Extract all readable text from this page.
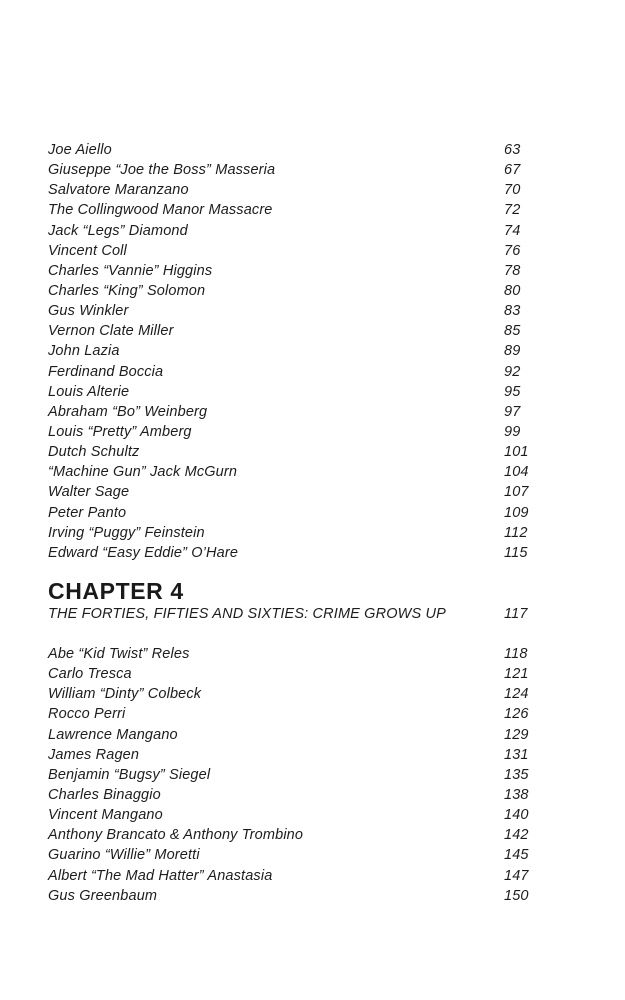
Joe Aiello	63
Giuseppe “Joe the Boss” Masseria	67
Salvatore Maranzano	70
The Collingwood Manor Massacre	72
Jack “Legs” Diamond	74
Vincent Coll	76
Charles “Vannie” Higgins	78
Charles “King” Solomon	80
Gus Winkler	83
Vernon Clate Miller	85
John Lazia	89
Ferdinand Boccia	92
Louis Alterie	95
Abraham “Bo” Weinberg	97
Louis “Pretty” Amberg	99
Dutch Schultz	101
“Machine Gun” Jack McGurn	104
Walter Sage	107
Peter Panto	109
Irving “Puggy” Feinstein	112
Edward “Easy Eddie” O’Hare	115
CHAPTER 4
THE FORTIES, FIFTIES AND SIXTIES: CRIME GROWS UP	117
Abe “Kid Twist” Reles	118
Carlo Tresca	121
William “Dinty” Colbeck	124
Rocco Perri	126
Lawrence Mangano	129
James Ragen	131
Benjamin “Bugsy” Siegel	135
Charles Binaggio	138
Vincent Mangano	140
Anthony Brancato & Anthony Trombino	142
Guarino “Willie” Moretti	145
Albert “The Mad Hatter” Anastasia	147
Gus Greenbaum	150
